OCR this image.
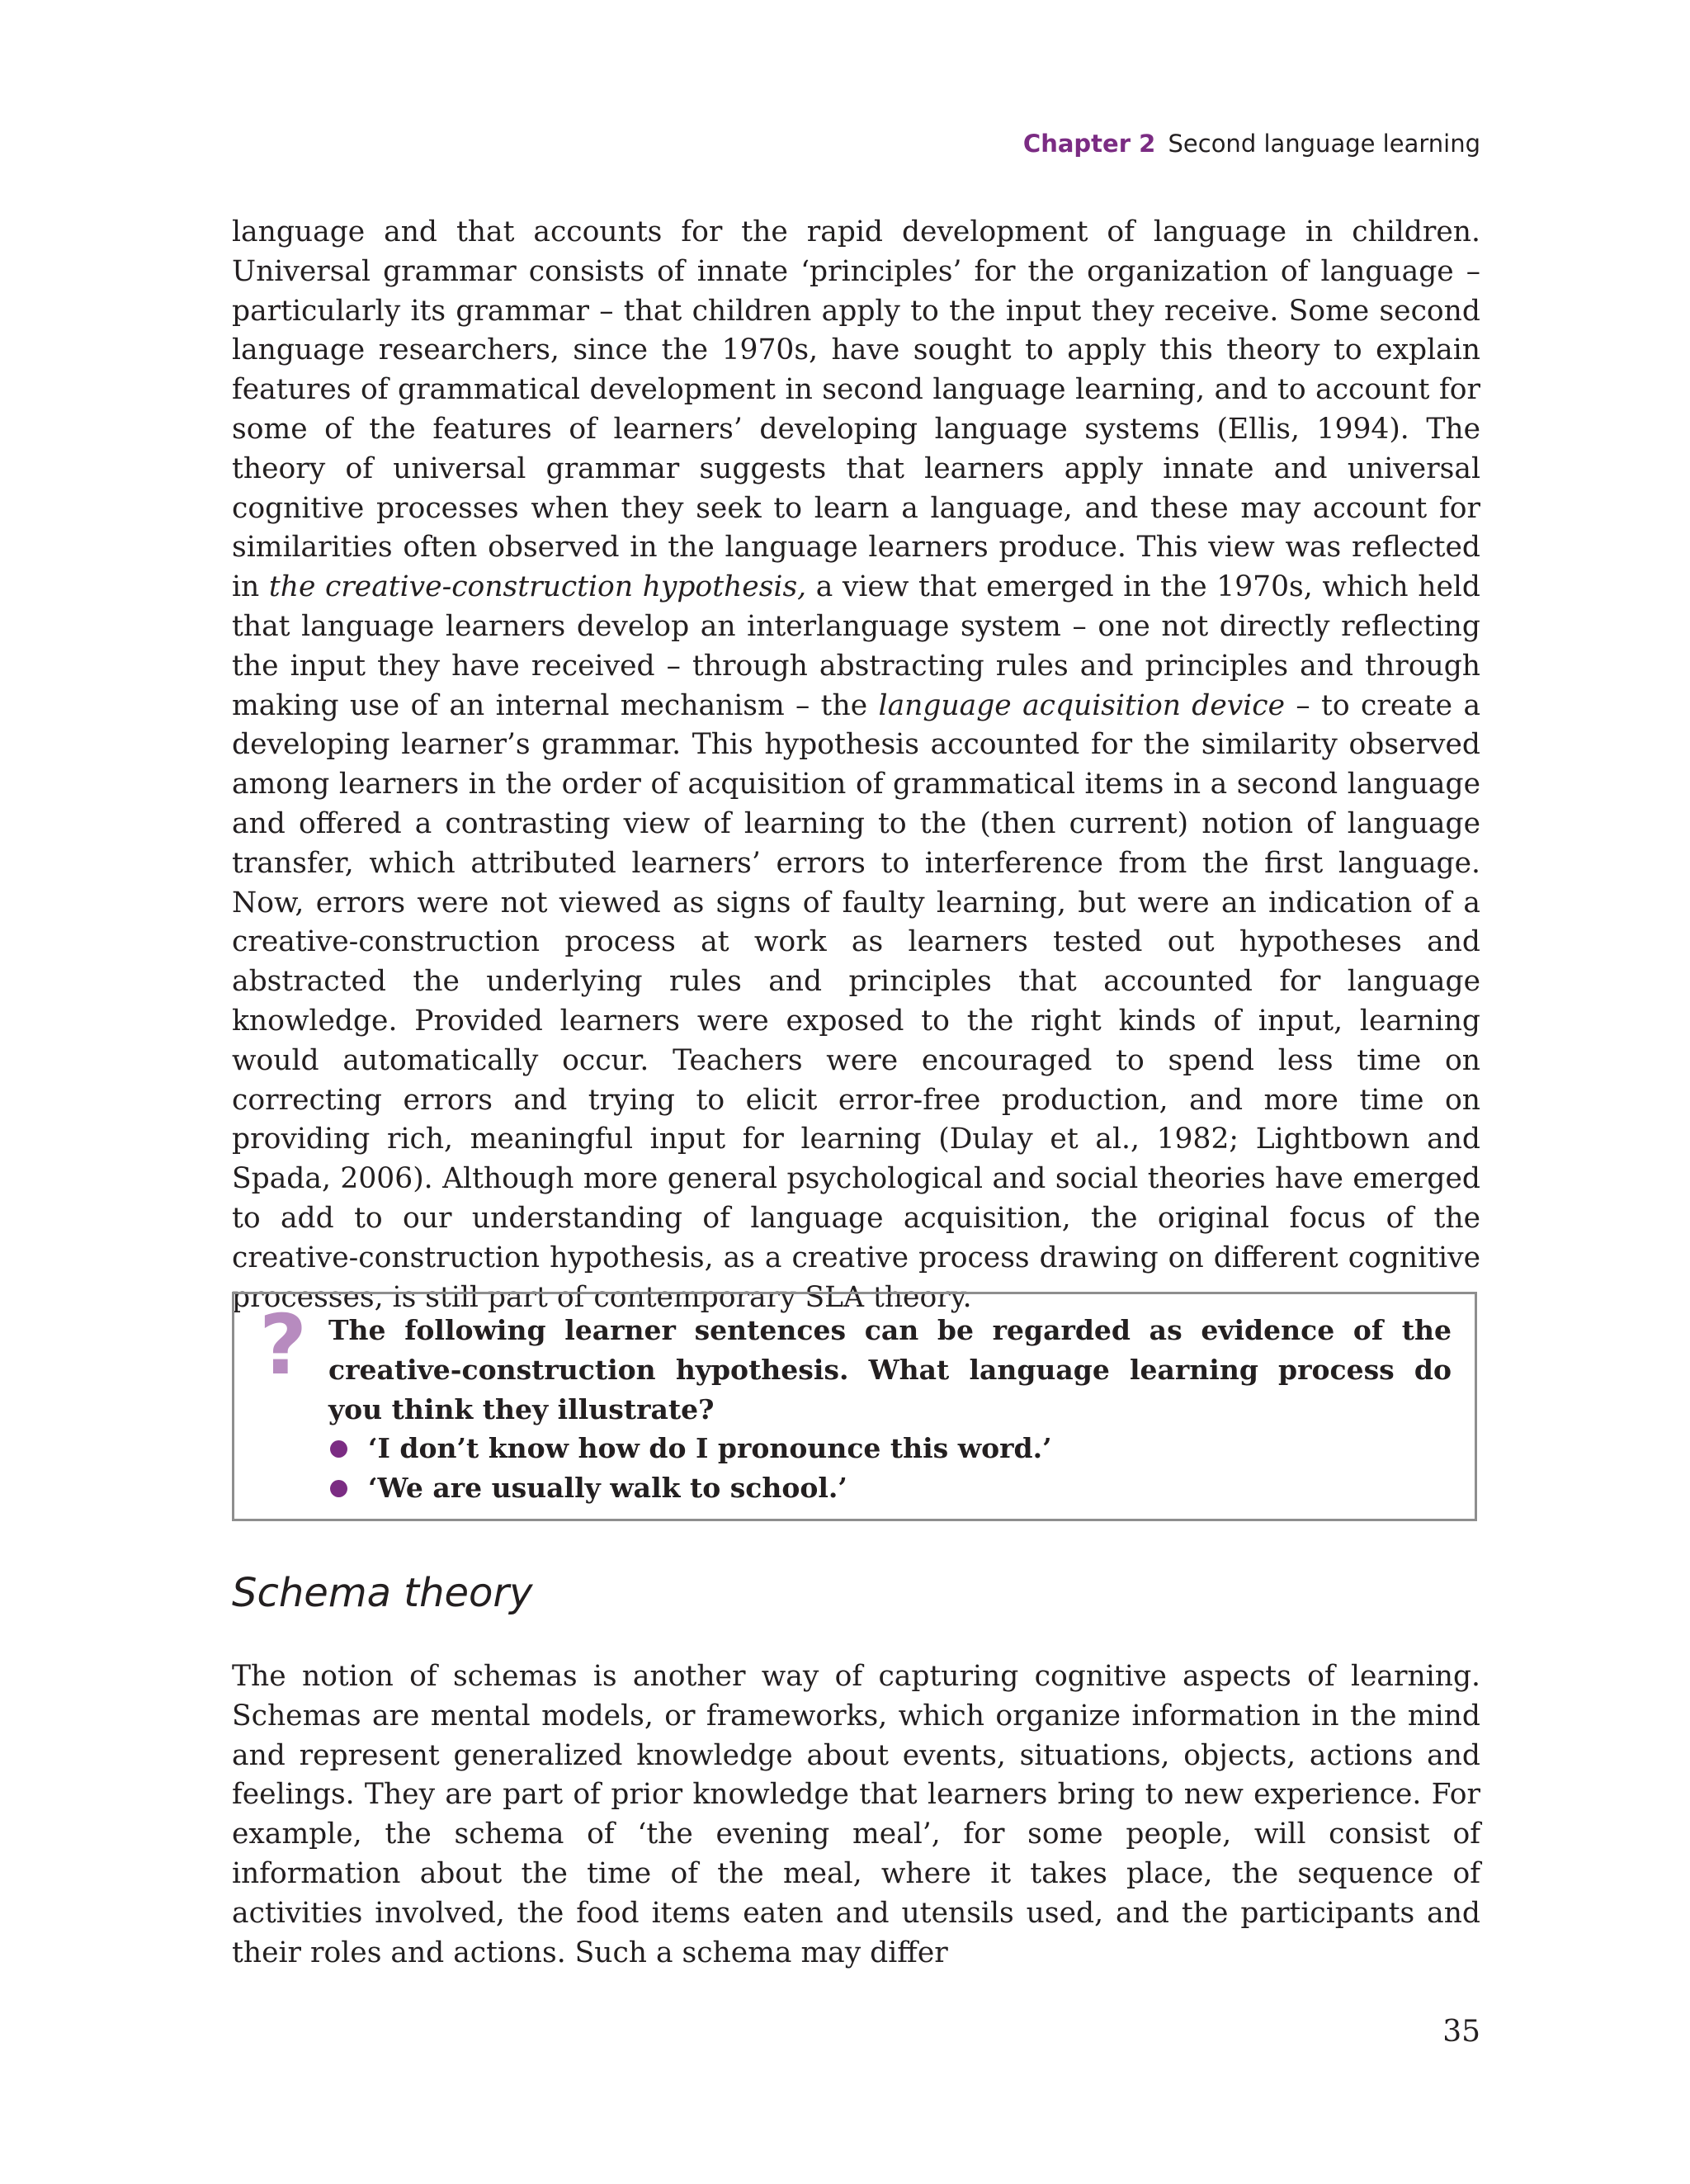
Chapter 2 Second language learning

language and that accounts for the rapid development of language in children. Universal grammar consists of innate ‘principles’ for the organization of language – particularly its grammar – that children apply to the input they receive. Some second language researchers, since the 1970s, have sought to apply this theory to explain features of grammatical development in second language learning, and to account for some of the features of learners’ developing language systems (Ellis, 1994). The theory of universal grammar suggests that learners apply innate and universal cognitive processes when they seek to learn a language, and these may account for similarities often observed in the language learners produce. This view was reflected in the creative-construction hypothesis, a view that emerged in the 1970s, which held that language learners develop an interlanguage system – one not directly reflecting the input they have received – through abstracting rules and principles and through making use of an internal mechanism – the language acquisition device – to create a developing learner’s grammar. This hypothesis accounted for the similarity observed among learners in the order of acquisition of grammatical items in a second language and offered a contrasting view of learning to the (then current) notion of language transfer, which attributed learners’ errors to interference from the first language. Now, errors were not viewed as signs of faulty learning, but were an indication of a creative-construction process at work as learners tested out hypotheses and abstracted the underlying rules and principles that accounted for language knowledge. Provided learners were exposed to the right kinds of input, learning would automatically occur. Teachers were encouraged to spend less time on correcting errors and trying to elicit error-free production, and more time on providing rich, meaningful input for learning (Dulay et al., 1982; Lightbown and Spada, 2006). Although more general psychological and social theories have emerged to add to our understanding of language acquisition, the original focus of the creative-construction hypothesis, as a creative process drawing on different cognitive processes, is still part of contemporary SLA theory.

? The following learner sentences can be regarded as evidence of the creative-construction hypothesis. What language learning process do you think they illustrate?
‘I don’t know how do I pronounce this word.’
‘We are usually walk to school.’
Schema theory

The notion of schemas is another way of capturing cognitive aspects of learning. Schemas are mental models, or frameworks, which organize information in the mind and represent generalized knowledge about events, situations, objects, actions and feelings. They are part of prior knowledge that learners bring to new experience. For example, the schema of ‘the evening meal’, for some people, will consist of information about the time of the meal, where it takes place, the sequence of activities involved, the food items eaten and utensils used, and the participants and their roles and actions. Such a schema may differ

35
